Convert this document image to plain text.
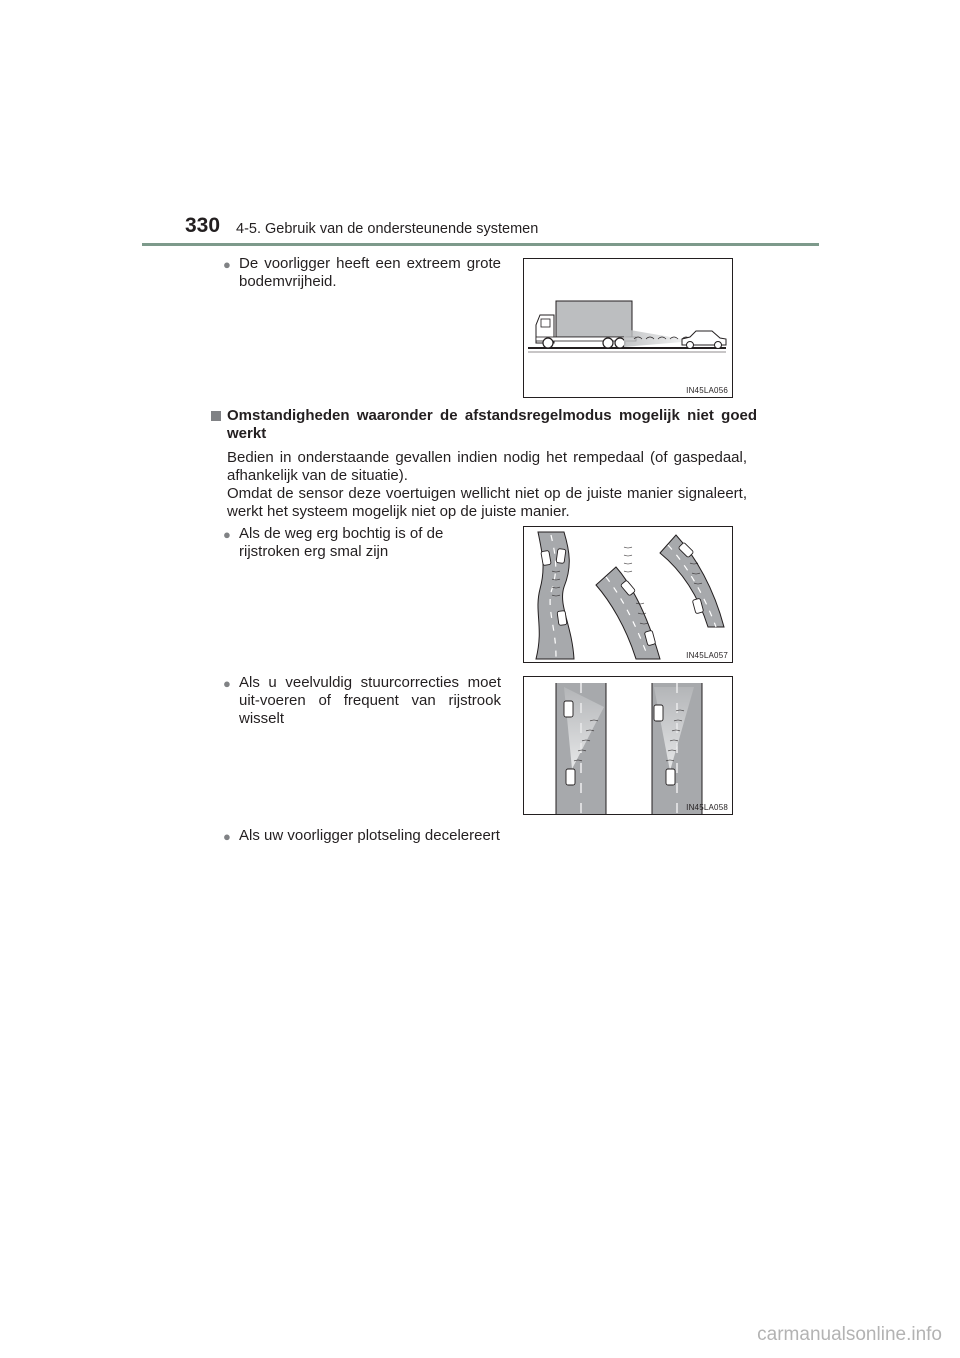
330 4-5. Gebruik van de ondersteunende systemen
● De voorligger heeft een extreem grote bodemvrijheid.
IN45LA056
Omstandigheden waaronder de afstandsregelmodus mogelijk niet goed werkt
Bedien in onderstaande gevallen indien nodig het rempedaal (of gaspedaal, afhankelijk van de situatie).
Omdat de sensor deze voertuigen wellicht niet op de juiste manier signaleert, werkt het systeem mogelijk niet op de juiste manier.
● Als de weg erg bochtig is of de rijstroken erg smal zijn
IN45LA057
● Als u veelvuldig stuurcorrecties moet uit-voeren of frequent van rijstrook wisselt
IN45LA058
● Als uw voorligger plotseling decelereert
carmanualsonline.info
